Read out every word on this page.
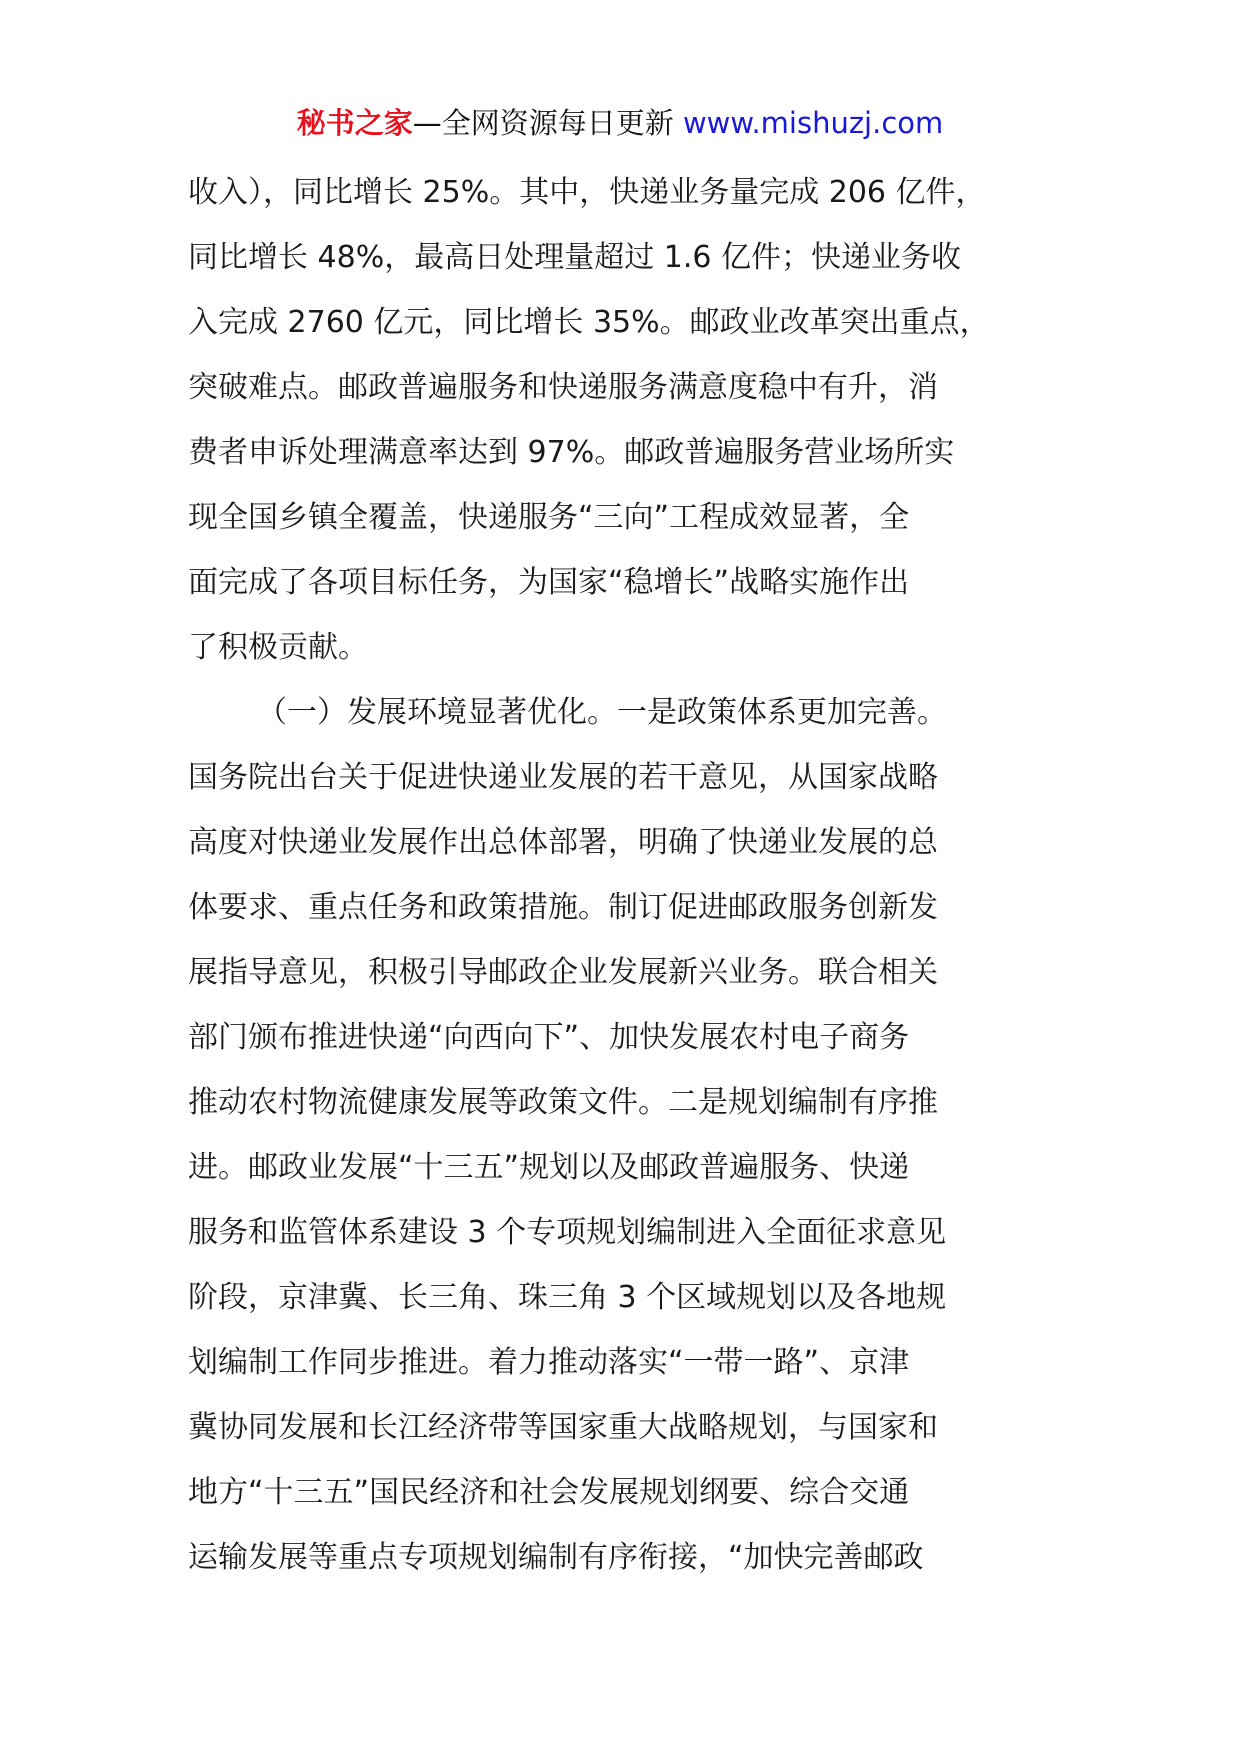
秘书之家—全网资源每日更新 www.mishuzj.com
收入），同比增长 25%。其中，快递业务量完成 206 亿件，
同比增长 48%，最高日处理量超过 1.6 亿件；快递业务收
入完成 2760 亿元，同比增长 35%。邮政业改革突出重点，
突破难点。邮政普遍服务和快递服务满意度稳中有升，消
费者申诉处理满意率达到 97%。邮政普遍服务营业场所实
现全国乡镇全覆盖，快递服务“三向”工程成效显著，全
面完成了各项目标任务，为国家“稳增长”战略实施作出
了积极贡献。
（一）发展环境显著优化。一是政策体系更加完善。
国务院出台关于促进快递业发展的若干意见，从国家战略
高度对快递业发展作出总体部署，明确了快递业发展的总
体要求、重点任务和政策措施。制订促进邮政服务创新发
展指导意见，积极引导邮政企业发展新兴业务。联合相关
部门颁布推进快递“向西向下”、加快发展农村电子商务
推动农村物流健康发展等政策文件。二是规划编制有序推
进。邮政业发展“十三五”规划以及邮政普遍服务、快递
服务和监管体系建设 3 个专项规划编制进入全面征求意见
阶段，京津冀、长三角、珠三角 3 个区域规划以及各地规
划编制工作同步推进。着力推动落实“一带一路”、京津
冀协同发展和长江经济带等国家重大战略规划，与国家和
地方“十三五”国民经济和社会发展规划纲要、综合交通
运输发展等重点专项规划编制有序衔接，“加快完善邮政
